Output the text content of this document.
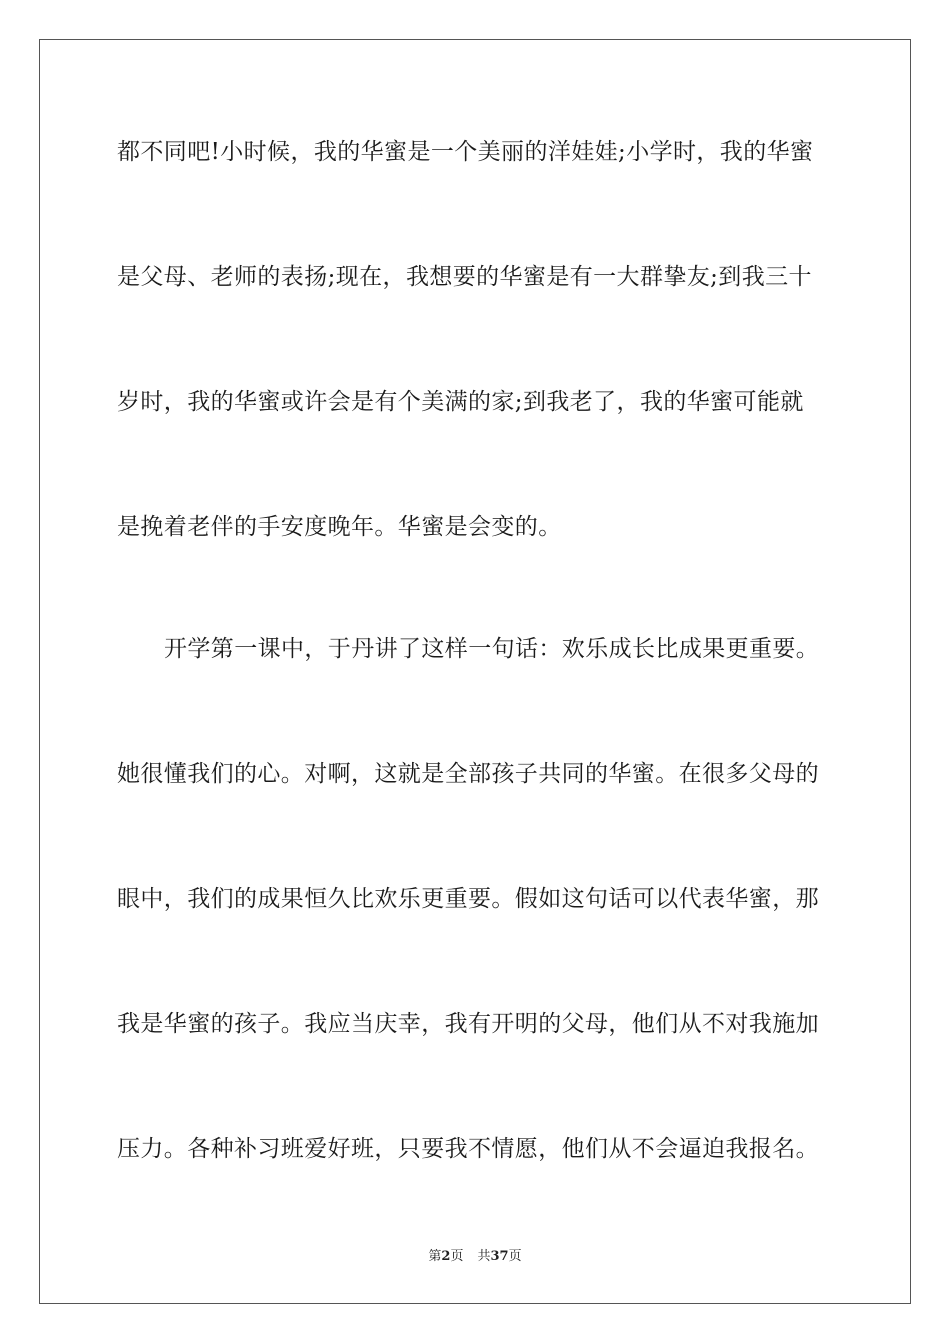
都不同吧!小时候，我的华蜜是一个美丽的洋娃娃;小学时，我的华蜜
是父母、老师的表扬;现在，我想要的华蜜是有一大群挚友;到我三十
岁时，我的华蜜或许会是有个美满的家;到我老了，我的华蜜可能就
是挽着老伴的手安度晚年。华蜜是会变的。
开学第一课中，于丹讲了这样一句话：欢乐成长比成果更重要。
她很懂我们的心。对啊，这就是全部孩子共同的华蜜。在很多父母的
眼中，我们的成果恒久比欢乐更重要。假如这句话可以代表华蜜，那
我是华蜜的孩子。我应当庆幸，我有开明的父母，他们从不对我施加
压力。各种补习班爱好班，只要我不情愿，他们从不会逼迫我报名。
第2页 共37页
